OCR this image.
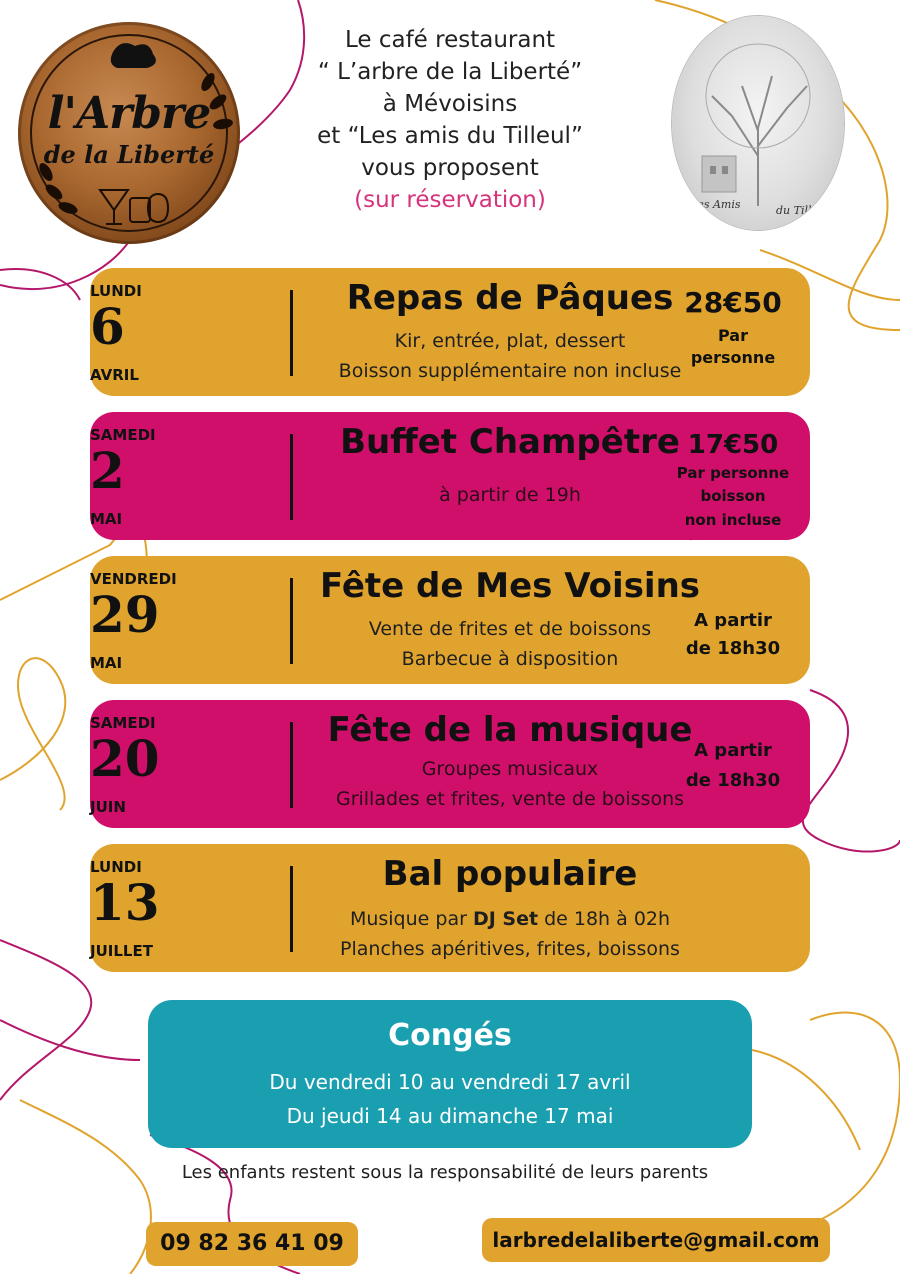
l'Arbre
de la Liberté
Le café restaurant
“ L’arbre de la Liberté”
à Mévoisins
et “Les amis du Tilleul”
vous proposent
(sur réservation)	Les Amis	du Tilleul
LUNDI
6
AVRIL
Repas de Pâques
Kir, entrée, plat, dessert
Boisson supplémentaire non incluse
28€50
Par
personne
SAMEDI
2
MAI
Buffet Champêtre
à partir de 19h
17€50
Par personne
boisson
non incluse
VENDREDI
29
MAI
Fête de Mes Voisins
Vente de frites et de boissons
Barbecue à disposition
A partir
de 18h30
SAMEDI
20
JUIN
Fête de la musique
Groupes musicaux
Grillades et frites, vente de boissons
A partir
de 18h30
LUNDI
13
JUILLET
Bal populaire
Musique par DJ Set de 18h à 02h
Planches apéritives, frites, boissons
Congés
Du vendredi 10 au vendredi 17 avril
Du jeudi 14 au dimanche 17 mai
Les enfants restent sous la responsabilité de leurs parents
09 82 36 41 09	larbredelaliberte@gmail.com
